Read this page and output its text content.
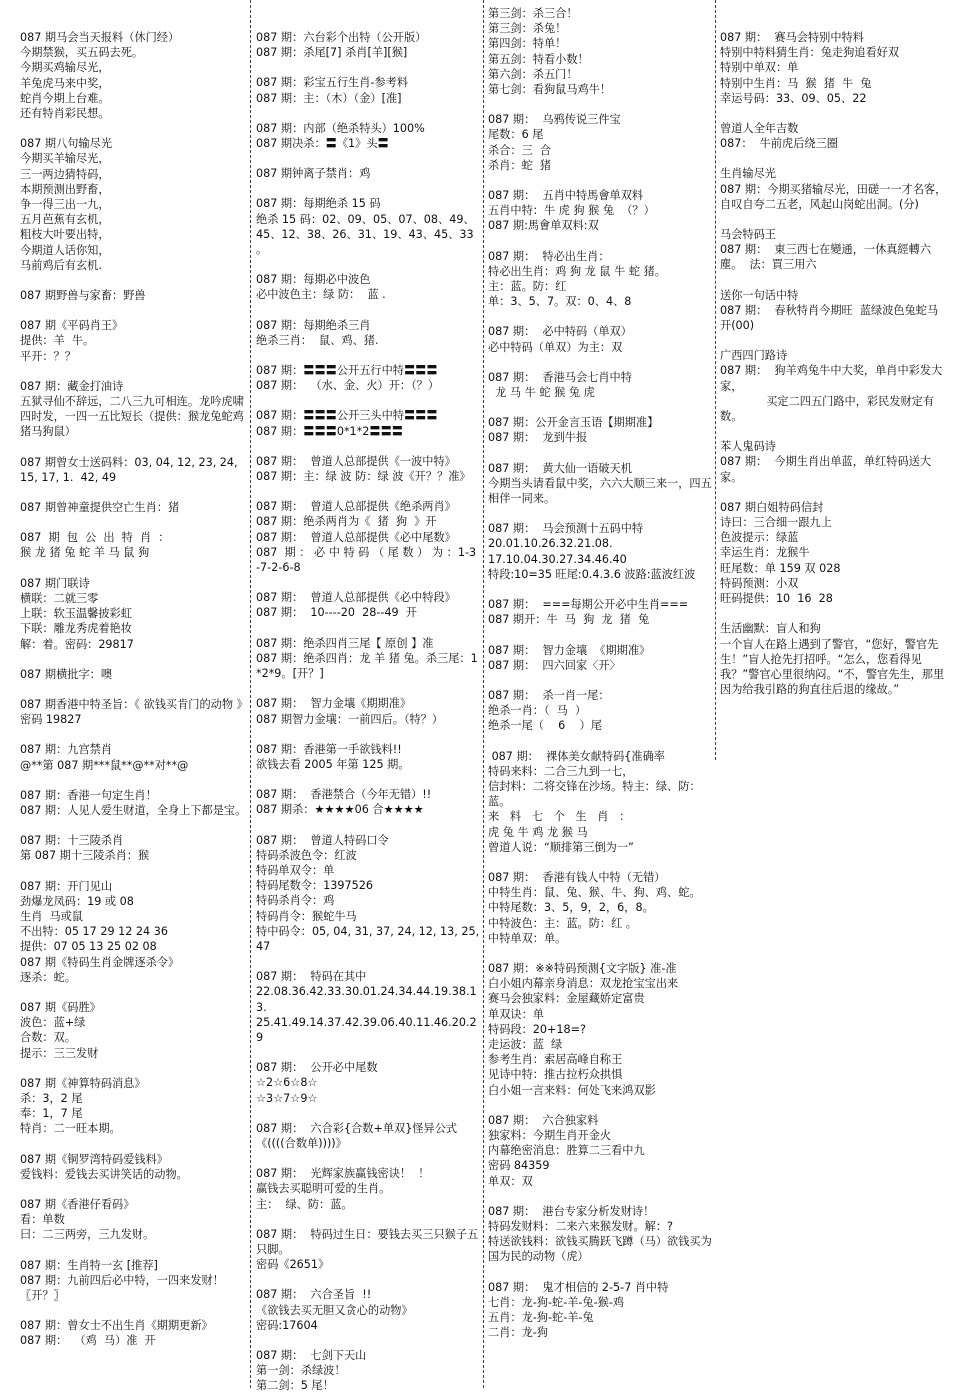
087 期马会当天报料（休门经）
今期禁猴，买五码去死。
今期买鸡输尽光，
羊兔虎马来中奖，
蛇肖今期上台难。
还有特肖彩民想。
087 期八句输尽光
今期买羊输尽光，
三一两边猜特码，
本期预测出野畜，
争一得三出一九，
五月芭蕉有玄机，
粗枝大叶要出特，
今期道人话你知，
马前鸡后有玄机.
087 期野兽与家畜：野兽
087 期《平码肖王》
提供：羊  牛。
平开：？？
087 期：藏金打油诗
五狱寻仙不辞远，二八三九可相连。龙吟虎啸四时发，一四一五比短长（提供：猴龙兔蛇鸡猪马狗鼠）
087 期曾女士送码料：03, 04, 12, 23, 24, 15, 17, 1.  42, 49
087 期曾神童提供空亡生肖：猪
087  期  包  公  出  特  肖  ：
猴 龙 猪 兔 蛇 羊 马 鼠 狗
087 期门联诗
横联：二就三零
上联：软玉温馨披彩虹
下联：雕龙秀虎着艳妆
解：着。密码：29817
087 期横批字：噢
087 期香港中特圣旨：《 欲钱买肯门的动物 》密码 19827
087 期：九宫禁肖
@**第 087 期***鼠**@**对**@
087 期：香港一句定生肖！
087 期：人见人爱生财道，全身上下都是宝。
087 期：十三陵杀肖
第 087 期十三陵杀肖：猴
087 期：开门见山
劲爆龙凤码：19 或 08
生肖  马或鼠
不出特：05 17 29 12 24 36
提供：07 05 13 25 02 08
087 期《特码生肖金牌逐杀令》
逐杀：蛇。
087 期《码胜》
波色：蓝+绿
合数：双。
提示：三三发财
087 期《神算特码消息》
杀：3，2 尾
奉：1，7 尾
特肖：二一旺本期。
087 期《铜罗湾特码爱钱料》
爱钱料：爱钱去买讲笑话的动物。
087 期《香港仔看码》
看：单数
曰：二三两旁，三九发财。
087 期：生肖特一玄 [推荐]
087 期：九前四后必中特，一四来发财！〖开？〗
087 期：曾女士不出生肖《期期更新》
087 期：  （鸡  马）准  开
087 期：六台彩个出特（公开版）
087 期：杀尾[7] 杀肖[羊][猴]
087 期：彩宝五行生肖-参考料
087 期：主：（木）（金）[准]
087 期：内部（绝杀特头）100%
087 期决杀：〓《1》头〓
087 期钟离子禁肖：鸡
087 期：每期绝杀 15 码
绝杀 15 码：02、09、05、07、08、49、45、12、38、26、31、19、43、45、33 。
087 期：每期必中波色
必中波色主：绿 防：  蓝 .
087 期：每期绝杀三肖
绝杀三肖：  鼠、鸡、猪.
087 期：〓〓〓公开五行中特〓〓〓
087 期：  （水、金、火）开：（？）
087 期：〓〓〓公开三头中特〓〓〓
087 期：〓〓〓0*1*2〓〓〓
087 期：  曾道人总部提供《一波中特》
087 期：主：绿 波 防：绿 波《开？？准》
087 期：  曾道人总部提供《绝杀两肖》
087 期：绝杀两肖为《  猪  狗  》开
087 期：  曾道人总部提供《必中尾数》
087  期 ： 必 中 特 码 （ 尾 数 ） 为 ：1-3-7-2-6-8
087 期：  曾道人总部提供《必中特段》
087 期：  10----20  28--49  开
087 期：绝杀四肖三尾【 原创 】准
087 期：绝杀四肖：龙 羊 猪 兔。杀三尾：1*2*9。[开？]
087 期：  智力金壤《期期准》
087 期智力金壤：一前四后。（特？）
087 期：香港第一手欲钱料!!
欲钱去看 2005 年第 125 期。
087 期：  香港禁合（今年无错）!!
087 期杀：★★★★06 合★★★★
087 期：  曾道人特码口令
特码杀波色令：红波
特码单双令：单
特码尾数令：1397526
特码杀肖令：鸡
特码肖令：猴蛇牛马
特中码令：05, 04, 31, 37, 24, 12, 13, 25, 47
087 期：  特码在其中
22.08.36.42.33.30.01.24.34.44.19.38.13.
25.41.49.14.37.42.39.06.40.11.46.20.29
087 期：  公开必中尾数
☆2☆6☆8☆
☆3☆7☆9☆
087 期：  六合彩{合数+单双}怪异公式
《((((合数单))))》
087 期：  光辉家族赢钱密诀！  ！
赢钱去买聪明可爱的生肖。
主：  绿、防：蓝。
087 期：  特码过生日：要钱去买三只猴子五只脚。
密码《2651》
087 期：  六合圣旨  !!
《欲钱去买无胆又贪心的动物》
密码:17604
087 期：  七剑下天山
第一剑：杀绿波！
第二剑：5 尾！
第三剑：杀三合！
第三剑：杀兔！
第四剑：特单！
第五剑：特看小数！
第六剑：杀五门！
第七剑：看狗鼠马鸡牛！
087 期：  乌鸦传说三件宝
尾数：6 尾
杀合：三  合
杀肖：蛇  猪
087 期：  五肖中特馬會单双料
五肖中特：牛 虎 狗 猴 兔  （？）
087 期:馬會单双料:双
087 期：  特必出生肖：
特必出生肖：鸡 狗 龙 鼠 牛 蛇 猪。
主：蓝。防：红
单：3、5、7。双：0、4、8
087 期：  必中特码（单双）
必中特码（单双）为主：双
087 期：  香港马会七肖中特
龙 马 牛 蛇 猴 兔 虎
087 期：公开金言玉语【期期准】
087 期：  龙到牛报
087 期：  黄大仙一语破天机
今期当头请看鼠中奖，六六大顺三来一，四五相伴一同来。
087 期：  马会预测十五码中特
20.01.10.26.32.21.08.
17.10.04.30.27.34.46.40
特段:10=35 旺尾:0.4.3.6 波路:蓝波红波
087 期：  ===每期公开必中生肖===
087 期开：牛  马  狗  龙  猪  兔
087 期：  智力金壤  《期期准》
087 期：  四六回家〈开〉
087 期：  杀一肖一尾：
绝杀一肖：（  马  ）
绝杀一尾（    6    ）尾
087 期：  裸体美女献特码{准确率
特码来料：二合三九到一七，
信封料：二将交锋在沙场。特主：绿、防：蓝。
来   料   七   个   生   肖   ：
虎 兔 牛 鸡 龙 猴 马
曾道人说：“顺排第三倒为一”
087 期：  香港有钱人中特（无错）
中特生肖：鼠、兔、猴、牛、狗、鸡、蛇。
中特尾数：3、5，9，2，6，8。
中特波色：主：蓝。防：红 。
中特单双：单。
087 期：※※特码预测{文字版} 准-准
白小姐内幕亲身消息：双龙抢宝宝出来
赛马会独家料：金屋藏娇定富贵
单双诀：单
特码段：20+18=?
走运波：蓝  绿
参考生肖：索居高峰自称王
见诗中特：推古拉朽众拱惧
白小姐一言来料：何处飞来鸿双影
087 期：  六合独家料
独家料：今期生肖开金火
内幕绝密消息：胜算二三看中九
密码 84359
单双：双
087 期：  港台专家分析发财诗！
特码发财料：二来六来猴发财。解：?
特送欲钱料：欲钱买腾跃飞蹲（马）欲钱买为国为民的动物（虎）
087 期：  鬼才相信的 2-5-7 肖中特
七肖：龙-狗-蛇-羊-兔-猴-鸡
五肖：龙-狗-蛇-羊-兔
二肖：龙-狗
087 期：  赛马会特别中特料
特别中特料猜生肖：兔走狗追看好双
特别中单双：单
特别中生肖：马  猴  猪  牛  兔
幸运号码：33、09、05、22
曾道人全年吉数
087：  牛前虎后绕三圈
生肖输尽光
087 期：今期买猪输尽光，田磋一一才名客，自叹自夸二五老，风起山岗蛇出洞。(分)
马会特码王
087 期：  東三西七在變通，一休真經轉六塵。  法：買三用六
送你一句话中特
087 期：  春秋特肖今期旺  蓝绿波色兔蛇马    开(00)
广西四门路诗
087 期：  狗羊鸡兔牛中大奖，单肖中彩发大家，
买定二四五门路中，彩民发财定有数。
苯人鬼码诗
087 期：  今期生肖出单蓝，单红特码送大家。
087 期白姐特码信封
诗曰：三合细一跟九上
色波提示：绿蓝
幸运生肖：龙猴牛
旺尾数：单 159 双 028
特码预测：小双
旺码提供：10  16  28
生活幽默：盲人和狗
一个盲人在路上遇到了警官，“您好，警官先生！”盲人抢先打招呼。“怎么，您看得见我？”警官心里很纳闷。“不，警官先生，那里因为给我引路的狗直往后退的缘故。”
